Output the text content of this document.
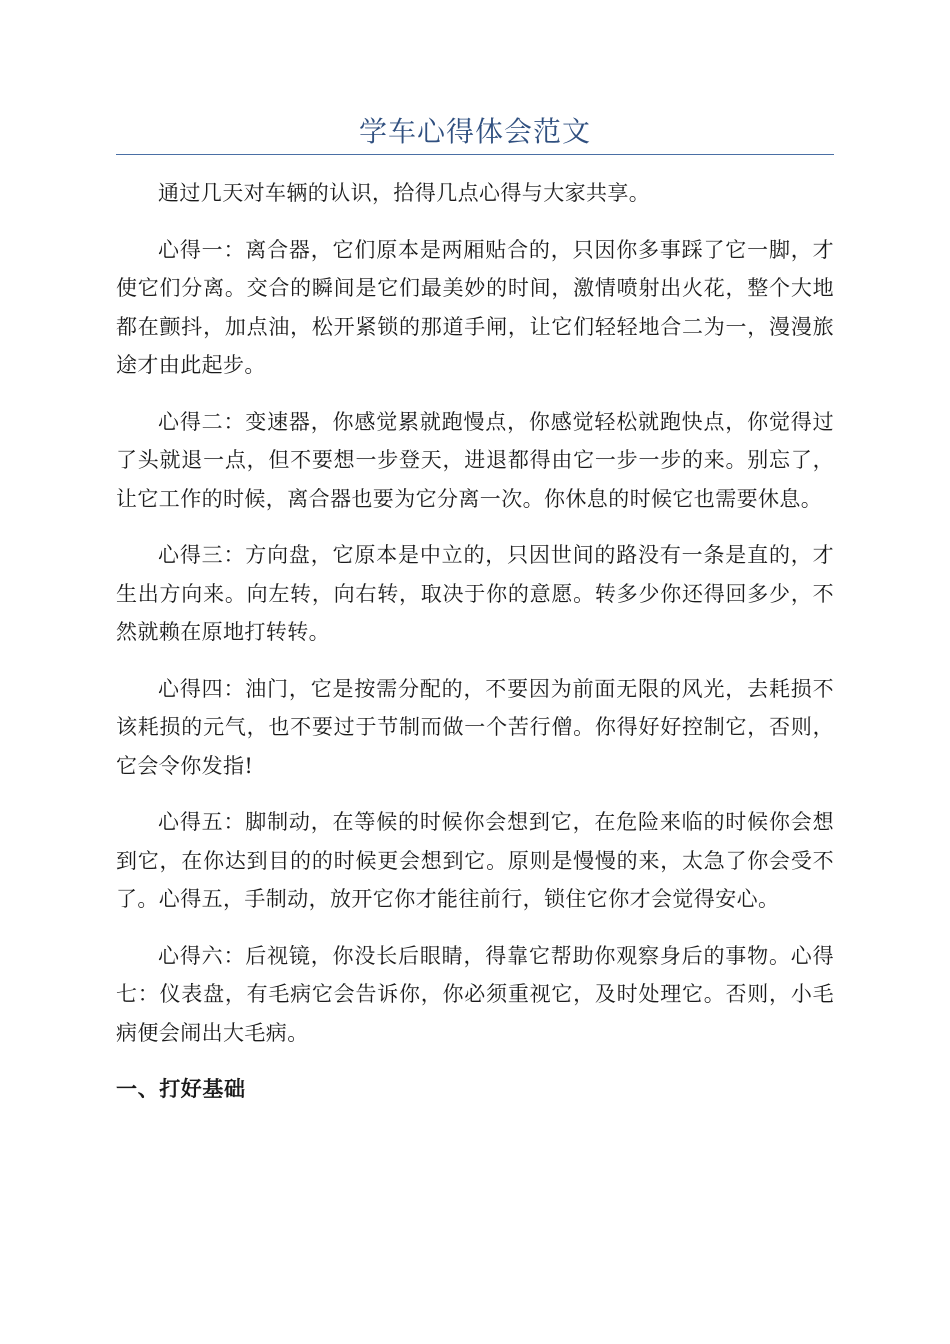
学车心得体会范文

通过几天对车辆的认识，拾得几点心得与大家共享。

心得一：离合器，它们原本是两厢贴合的，只因你多事踩了它一脚，才使它们分离。交合的瞬间是它们最美妙的时间，激情喷射出火花，整个大地都在颤抖，加点油，松开紧锁的那道手闸，让它们轻轻地合二为一，漫漫旅途才由此起步。

心得二：变速器，你感觉累就跑慢点，你感觉轻松就跑快点，你觉得过了头就退一点，但不要想一步登天，进退都得由它一步一步的来。别忘了，让它工作的时候，离合器也要为它分离一次。你休息的时候它也需要休息。

心得三：方向盘，它原本是中立的，只因世间的路没有一条是直的，才生出方向来。向左转，向右转，取决于你的意愿。转多少你还得回多少，不然就赖在原地打转转。

心得四：油门，它是按需分配的，不要因为前面无限的风光，去耗损不该耗损的元气，也不要过于节制而做一个苦行僧。你得好好控制它，否则，它会令你发指!

心得五：脚制动，在等候的时候你会想到它，在危险来临的时候你会想到它，在你达到目的的时候更会想到它。原则是慢慢的来，太急了你会受不了。心得五，手制动，放开它你才能往前行，锁住它你才会觉得安心。

心得六：后视镜，你没长后眼睛，得靠它帮助你观察身后的事物。心得七：仪表盘，有毛病它会告诉你，你必须重视它，及时处理它。否则，小毛病便会闹出大毛病。

一、打好基础
